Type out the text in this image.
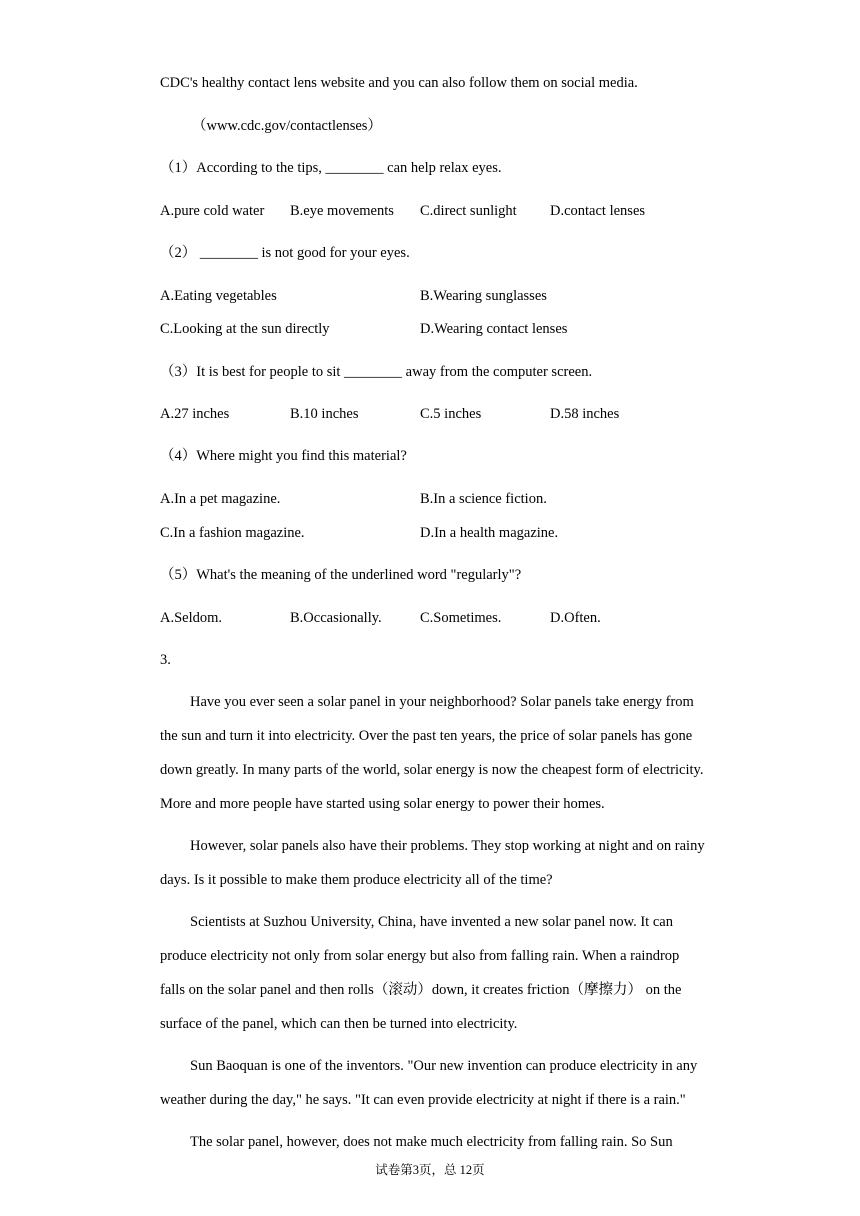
CDC's healthy contact lens website and you can also follow them on social media.
（www.cdc.gov/contactlenses）
（1）According to the tips, ________ can help relax eyes.
A.pure cold water B.eye movements C.direct sunlight D.contact lenses
（2） ________ is not good for your eyes.
A.Eating vegetables	B.Wearing sunglasses
C.Looking at the sun directly	D.Wearing contact lenses
（3）It is best for people to sit ________ away from the computer screen.
A.27 inches	B.10 inches	C.5 inches	D.58 inches
（4）Where might you find this material?
A.In a pet magazine.	B.In a science fiction.
C.In a fashion magazine.	D.In a health magazine.
（5）What's the meaning of the underlined word "regularly"?
A.Seldom.	B.Occasionally.	C.Sometimes.	D.Often.
3.
Have you ever seen a solar panel in your neighborhood? Solar panels take energy from
the sun and turn it into electricity. Over the past ten years, the price of solar panels has gone
down greatly. In many parts of the world, solar energy is now the cheapest form of electricity.
More and more people have started using solar energy to power their homes.
However, solar panels also have their problems. They stop working at night and on rainy
days. Is it possible to make them produce electricity all of the time?
Scientists at Suzhou University, China, have invented a new solar panel now. It can
produce electricity not only from solar energy but also from falling rain. When a raindrop
falls on the solar panel and then rolls（滚动）down, it creates friction（摩擦力） on the
surface of the panel, which can then be turned into electricity.
Sun Baoquan is one of the inventors. "Our new invention can produce electricity in any
weather during the day," he says. "It can even provide electricity at night if there is a rain."
The solar panel, however, does not make much electricity from falling rain. So Sun
试卷第3页，总 12页
